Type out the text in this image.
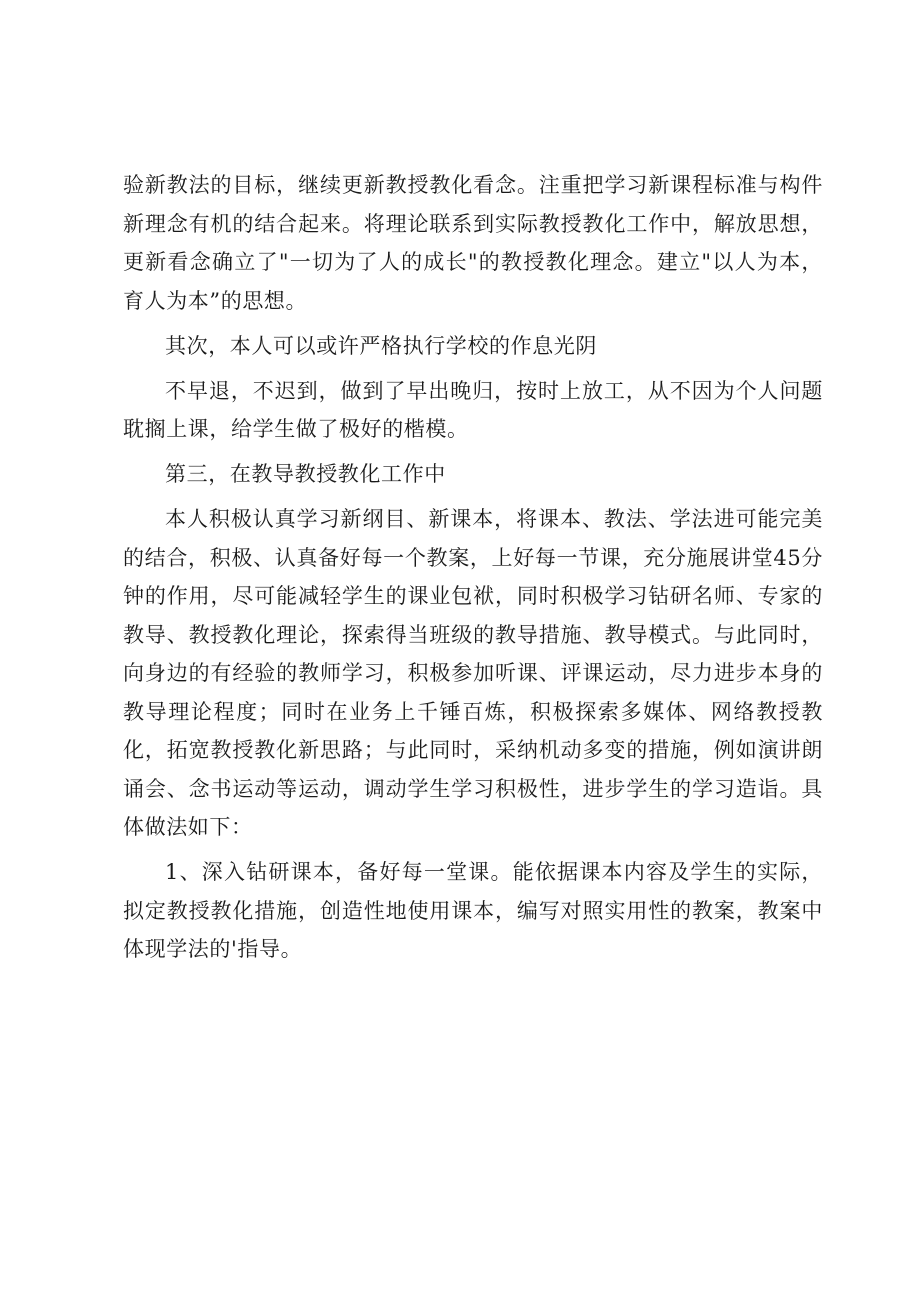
验新教法的目标，继续更新教授教化看念。注重把学习新课程标准与构件新理念有机的结合起来。将理论联系到实际教授教化工作中，解放思想，更新看念确立了"一切为了人的成长"的教授教化理念。建立"以人为本，育人为本”的思想。

其次，本人可以或许严格执行学校的作息光阴

不早退，不迟到，做到了早出晚归，按时上放工，从不因为个人问题耽搁上课，给学生做了极好的楷模。

第三，在教导教授教化工作中

本人积极认真学习新纲目、新课本，将课本、教法、学法进可能完美的结合，积极、认真备好每一个教案，上好每一节课，充分施展讲堂45分钟的作用，尽可能减轻学生的课业包袱，同时积极学习钻研名师、专家的教导、教授教化理论，探索得当班级的教导措施、教导模式。与此同时，向身边的有经验的教师学习，积极参加听课、评课运动，尽力进步本身的教导理论程度；同时在业务上千锤百炼，积极探索多媒体、网络教授教化，拓宽教授教化新思路；与此同时，采纳机动多变的措施，例如演讲朗诵会、念书运动等运动，调动学生学习积极性，进步学生的学习造诣。具体做法如下：

1、深入钻研课本，备好每一堂课。能依据课本内容及学生的实际，拟定教授教化措施，创造性地使用课本，编写对照实用性的教案，教案中体现学法的'指导。
